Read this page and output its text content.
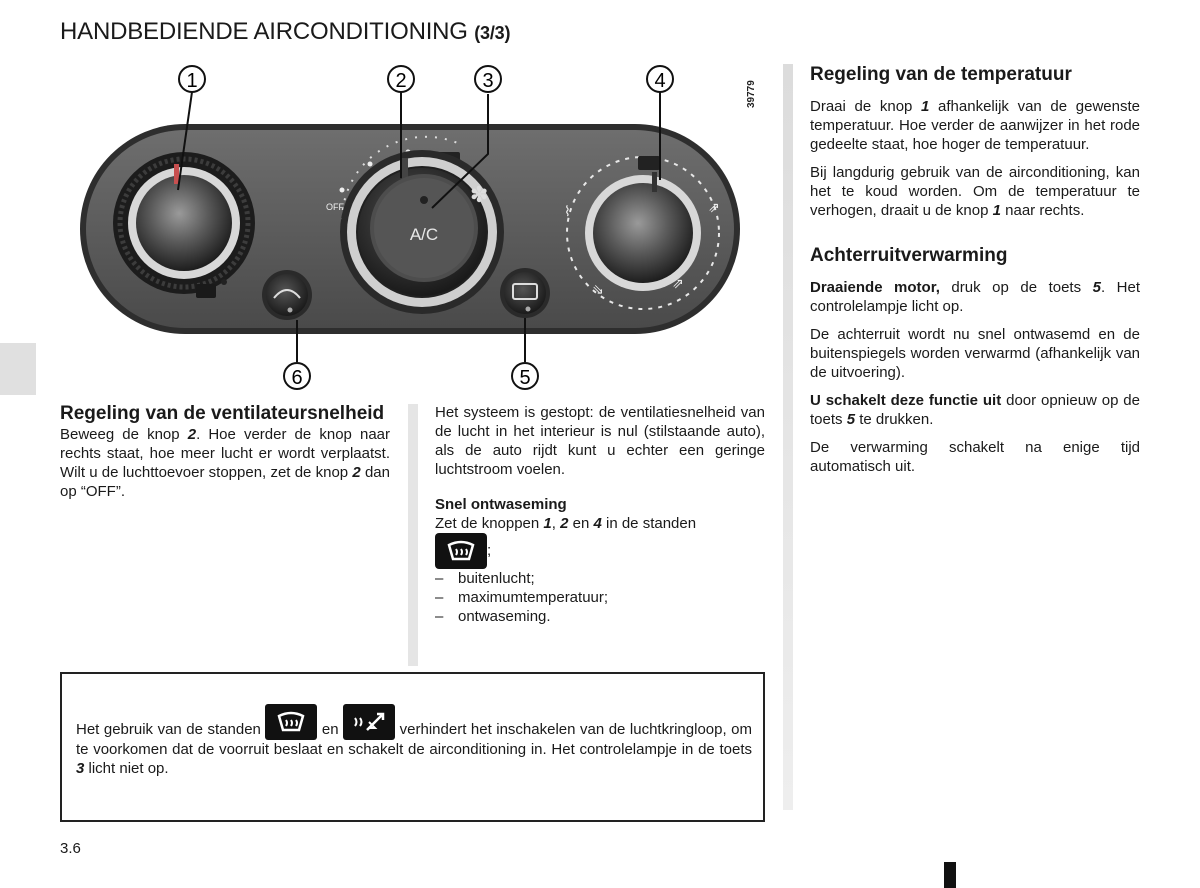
HANDBEDIENDE AIRCONDITIONING (3/3)
OFF	✽
A/C
⌇	⇗
⇘	⇗
1	2	3	4
5
6
39779
Regeling van de ventilateursnelheid

Beweeg de knop 2. Hoe verder de knop naar rechts staat, hoe meer lucht er wordt verplaatst. Wilt u de luchttoevoer stoppen, zet de knop 2 dan op “OFF”.

Het systeem is gestopt: de ventilatiesnelheid van de lucht in het interieur is nul (stilstaande auto), als de auto rijdt kunt u echter een geringe luchtstroom voelen.

Snel ontwaseming

Zet de knoppen 1, 2 en 4 in de standen

;

– buitenlucht;
– maximumtemperatuur;
– ontwaseming.
Regeling van de temperatuur

Draai de knop 1 afhankelijk van de gewenste temperatuur. Hoe verder de aanwijzer in het rode gedeelte staat, hoe hoger de temperatuur.

Bij langdurig gebruik van de airconditioning, kan het te koud worden. Om de temperatuur te verhogen, draait u de knop 1 naar rechts.

Achterruitverwarming

Draaiende motor, druk op de toets 5. Het controlelampje licht op.

De achterruit wordt nu snel ontwasemd en de buitenspiegels worden verwarmd (afhankelijk van de uitvoering).

U schakelt deze functie uit door opnieuw op de toets 5 te drukken.

De verwarming schakelt na enige tijd automatisch uit.

Het gebruik van de standen	en	verhindert het inschakelen van de luchtkringloop, om te voorkomen dat de voorruit beslaat en schakelt de airconditioning in. Het controlelampje in de toets 3 licht niet op.

3.6
